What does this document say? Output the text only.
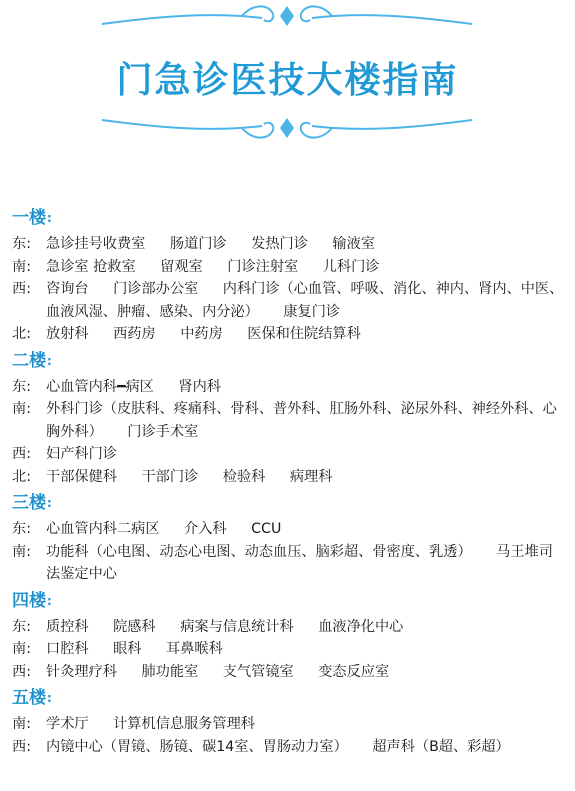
门急诊医技大楼指南
一楼:
东:	急诊挂号收费室 肠道门诊 发热门诊 输液室
南:	急诊室 抢救室 留观室 门诊注射室 儿科门诊
西:	咨询台 门诊部办公室 内科门诊（心血管、呼吸、消化、神内、肾内、中医、血液风湿、肿瘤、感染、内分泌） 康复门诊
北:	放射科 西药房 中药房 医保和住院结算科
二楼:
东:	心血管内科━病区 肾内科
南:	外科门诊（皮肤科、疼痛科、骨科、普外科、肛肠外科、泌尿外科、神经外科、心胸外科） 门诊手术室
西:	妇产科门诊
北:	干部保健科 干部门诊 检验科 病理科
三楼:
东:	心血管内科二病区 介入科 CCU
南:	功能科（心电图、动态心电图、动态血压、脑彩超、骨密度、乳透） 马王堆司法鉴定中心
四楼:
东:	质控科 院感科 病案与信息统计科 血液净化中心
南:	口腔科 眼科 耳鼻喉科
西:	针灸理疗科 肺功能室 支气管镜室 变态反应室
五楼:
南:	学术厅 计算机信息服务管理科
西:	内镜中心（胃镜、肠镜、碳14室、胃肠动力室） 超声科（B超、彩超）
